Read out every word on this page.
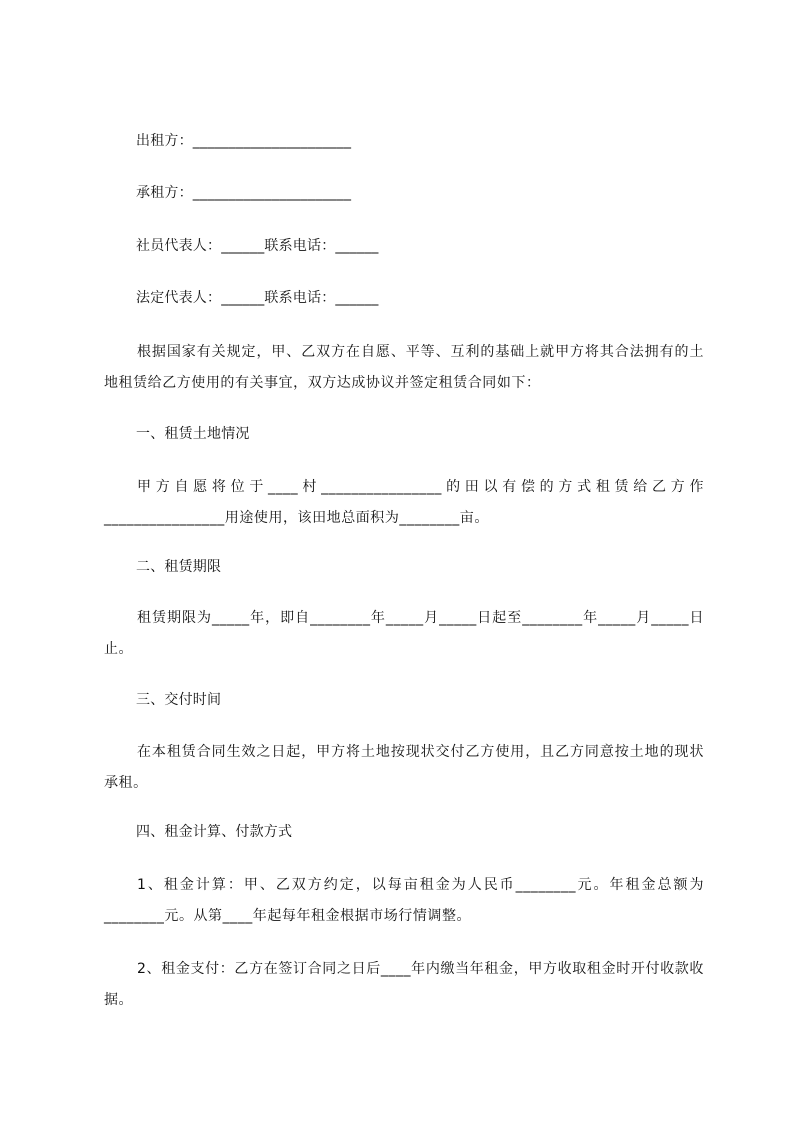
出租方：______________________
承租方：______________________
社员代表人：______联系电话：______
法定代表人：______联系电话：______

根据国家有关规定，甲、乙双方在自愿、平等、互利的基础上就甲方将其合法拥有的土地租赁给乙方使用的有关事宜，双方达成协议并签定租赁合同如下：

一、租赁土地情况

甲方自愿将位于____村________________的田以有偿的方式租赁给乙方作________________用途使用，该田地总面积为________亩。

二、租赁期限

租赁期限为_____年，即自________年_____月_____日起至________年_____月_____日止。

三、交付时间

在本租赁合同生效之日起，甲方将土地按现状交付乙方使用，且乙方同意按土地的现状承租。

四、租金计算、付款方式

1、租金计算：甲、乙双方约定，以每亩租金为人民币________元。年租金总额为________元。从第____年起每年租金根据市场行情调整。

2、租金支付：乙方在签订合同之日后____年内缴当年租金，甲方收取租金时开付收款收据。
